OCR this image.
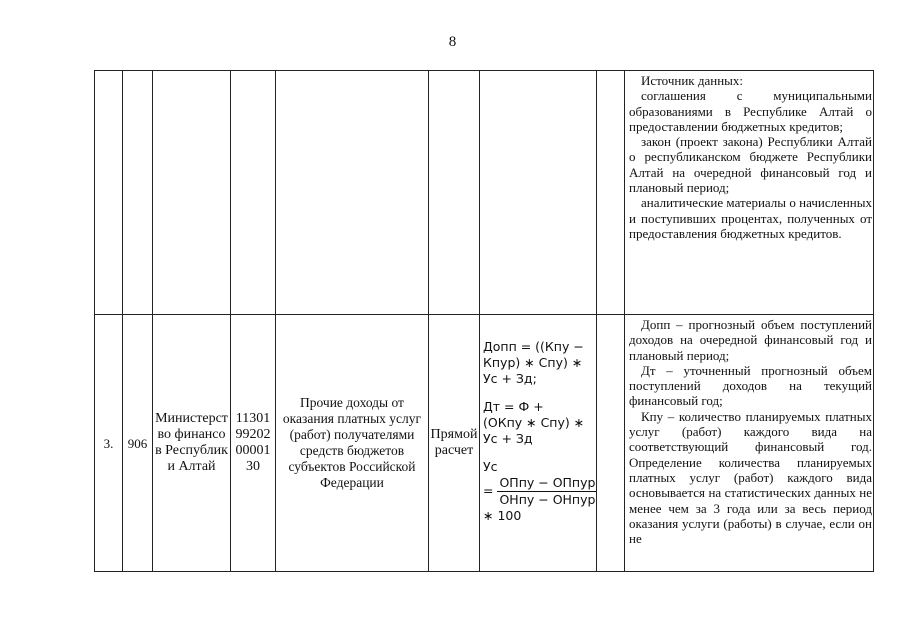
8

Источник данных:

соглашения с муниципальными образованиями в Республике Алтай о предоставлении бюджетных кредитов;

закон (проект закона) Республики Алтай о республиканском бюджете Республики Алтай на очередной финансовый год и плановый период;

аналитические материалы о начисленных и поступивших процентах, полученных от предоставления бюджетных кредитов.

3.	906
Министерство финансов Республики Алтай
11301 99202 00001 30
Прочие доходы от оказания платных услуг (работ) получателями средств бюджетов субъектов Российской Федерации
Прямой расчет
Допп = ((Кпу −
Кпур) ∗ Спу) ∗
Ус + Зд;
Дт = Ф +
(ОКпу ∗ Спу) ∗
Ус + Зд
Ус
= $\frac{\text{ОПпу − ОПпур}}{\text{ОНпу − ОНпур}}$
∗ 100

Допп – прогнозный объем поступлений доходов на очередной финансовый год и плановый период;

Дт – уточненный прогнозный объем поступлений доходов на текущий финансовый год;

Кпу – количество планируемых платных услуг (работ) каждого вида на соответствующий финансовый год. Определение количества планируемых платных услуг (работ) каждого вида основывается на статистических данных не менее чем за 3 года или за весь период оказания услуги (работы) в случае, если он не
